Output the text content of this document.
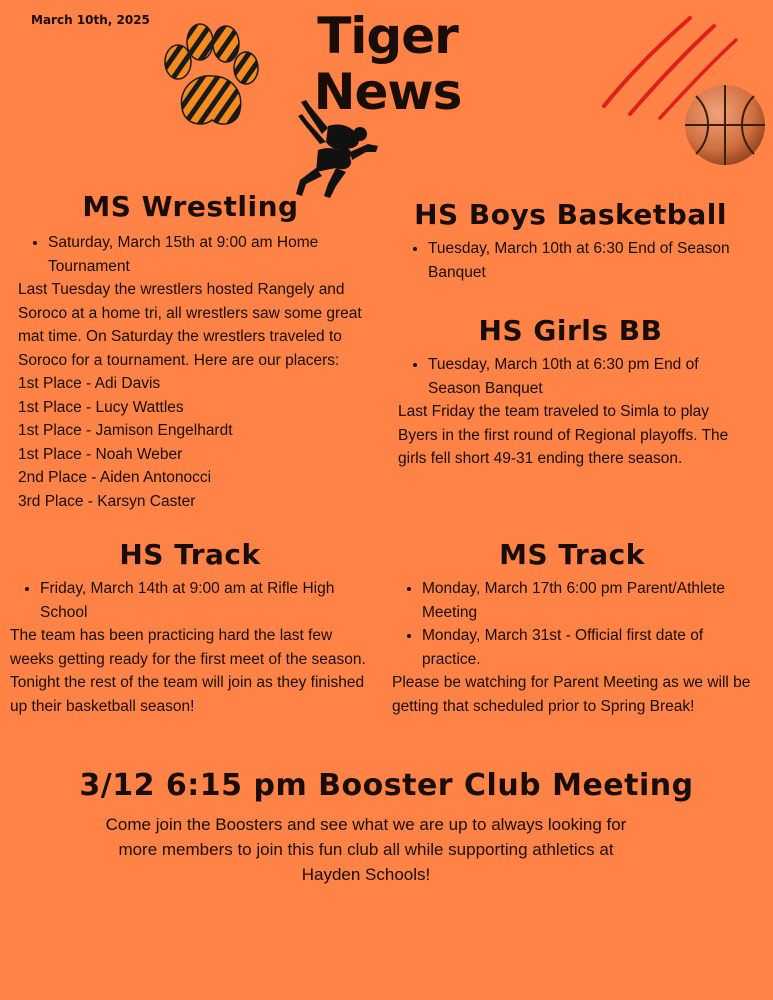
March 10th, 2025	Tiger
News
MS Wrestling
• Saturday, March 15th at 9:00 am Home Tournament

Last Tuesday the wrestlers hosted Rangely and Soroco at a home tri, all wrestlers saw some great mat time. On Saturday the wrestlers traveled to Soroco for a tournament. Here are our placers:

1st Place - Adi Davis
1st Place - Lucy Wattles
1st Place - Jamison Engelhardt
1st Place - Noah Weber
2nd Place - Aiden Antonocci
3rd Place - Karsyn Caster
HS Boys Basketball
• Tuesday, March 10th at 6:30 End of Season Banquet
HS Girls BB
• Tuesday, March 10th at 6:30 pm End of Season Banquet

Last Friday the team traveled to Simla to play Byers in the first round of Regional playoffs. The girls fell short 49-31 ending there season.

HS Track
• Friday, March 14th at 9:00 am at Rifle High School

The team has been practicing hard the last few weeks getting ready for the first meet of the season. Tonight the rest of the team will join as they finished up their basketball season!

MS Track
• Monday, March 17th 6:00 pm Parent/Athlete Meeting
• Monday, March 31st - Official first date of practice.

Please be watching for Parent Meeting as we will be getting that scheduled prior to Spring Break!

3/12 6:15 pm Booster Club Meeting
Come join the Boosters and see what we are up to always looking for more members to join this fun club all while supporting athletics at Hayden Schools!
